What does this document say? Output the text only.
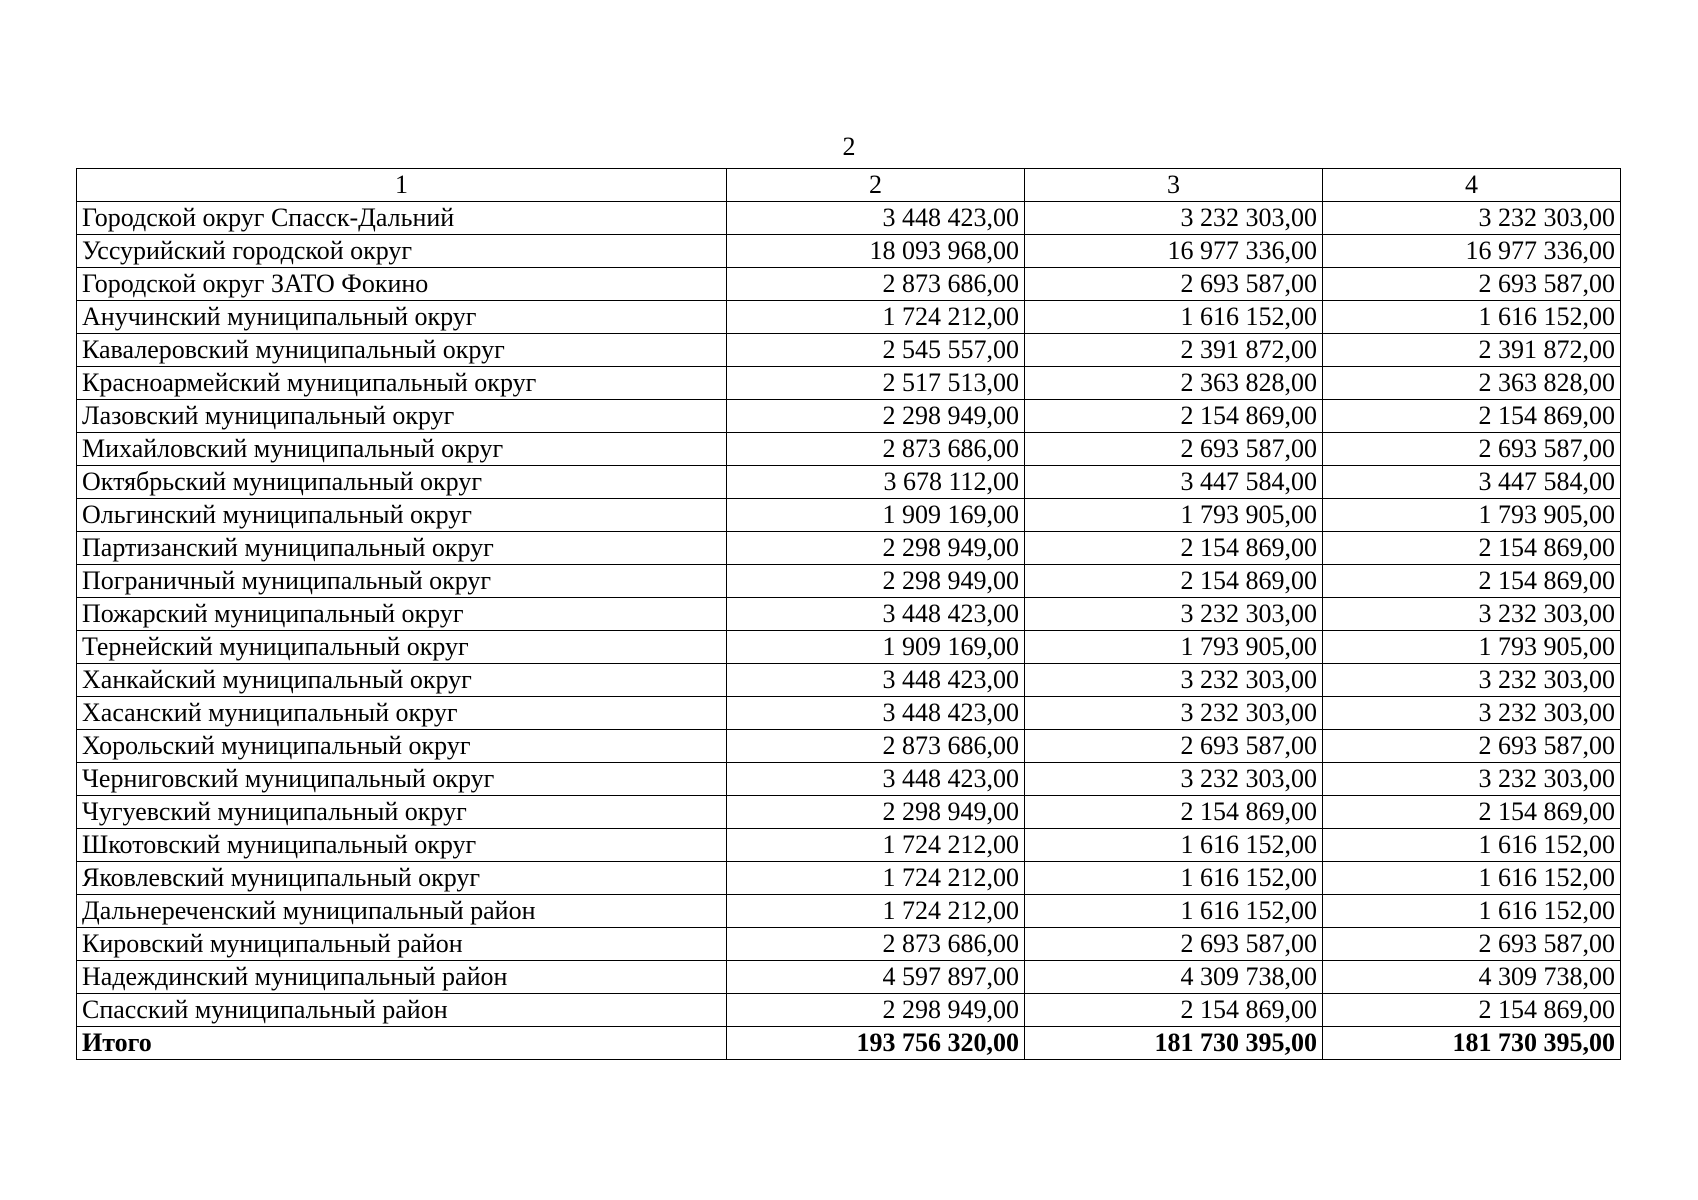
2
1	2	3	4
Городской округ Спасск-Дальний	3 448 423,00	3 232 303,00	3 232 303,00
Уссурийский городской округ	18 093 968,00	16 977 336,00	16 977 336,00
Городской округ ЗАТО Фокино	2 873 686,00	2 693 587,00	2 693 587,00
Анучинский муниципальный округ	1 724 212,00	1 616 152,00	1 616 152,00
Кавалеровский муниципальный округ	2 545 557,00	2 391 872,00	2 391 872,00
Красноармейский муниципальный округ	2 517 513,00	2 363 828,00	2 363 828,00
Лазовский муниципальный округ	2 298 949,00	2 154 869,00	2 154 869,00
Михайловский муниципальный округ	2 873 686,00	2 693 587,00	2 693 587,00
Октябрьский муниципальный округ	3 678 112,00	3 447 584,00	3 447 584,00
Ольгинский муниципальный округ	1 909 169,00	1 793 905,00	1 793 905,00
Партизанский муниципальный округ	2 298 949,00	2 154 869,00	2 154 869,00
Пограничный муниципальный округ	2 298 949,00	2 154 869,00	2 154 869,00
Пожарский муниципальный округ	3 448 423,00	3 232 303,00	3 232 303,00
Тернейский муниципальный округ	1 909 169,00	1 793 905,00	1 793 905,00
Ханкайский муниципальный округ	3 448 423,00	3 232 303,00	3 232 303,00
Хасанский муниципальный округ	3 448 423,00	3 232 303,00	3 232 303,00
Хорольский муниципальный округ	2 873 686,00	2 693 587,00	2 693 587,00
Черниговский муниципальный округ	3 448 423,00	3 232 303,00	3 232 303,00
Чугуевский муниципальный округ	2 298 949,00	2 154 869,00	2 154 869,00
Шкотовский муниципальный округ	1 724 212,00	1 616 152,00	1 616 152,00
Яковлевский муниципальный округ	1 724 212,00	1 616 152,00	1 616 152,00
Дальнереченский муниципальный район	1 724 212,00	1 616 152,00	1 616 152,00
Кировский муниципальный район	2 873 686,00	2 693 587,00	2 693 587,00
Надеждинский муниципальный район	4 597 897,00	4 309 738,00	4 309 738,00
Спасский муниципальный район	2 298 949,00	2 154 869,00	2 154 869,00
Итого	193 756 320,00	181 730 395,00	181 730 395,00
